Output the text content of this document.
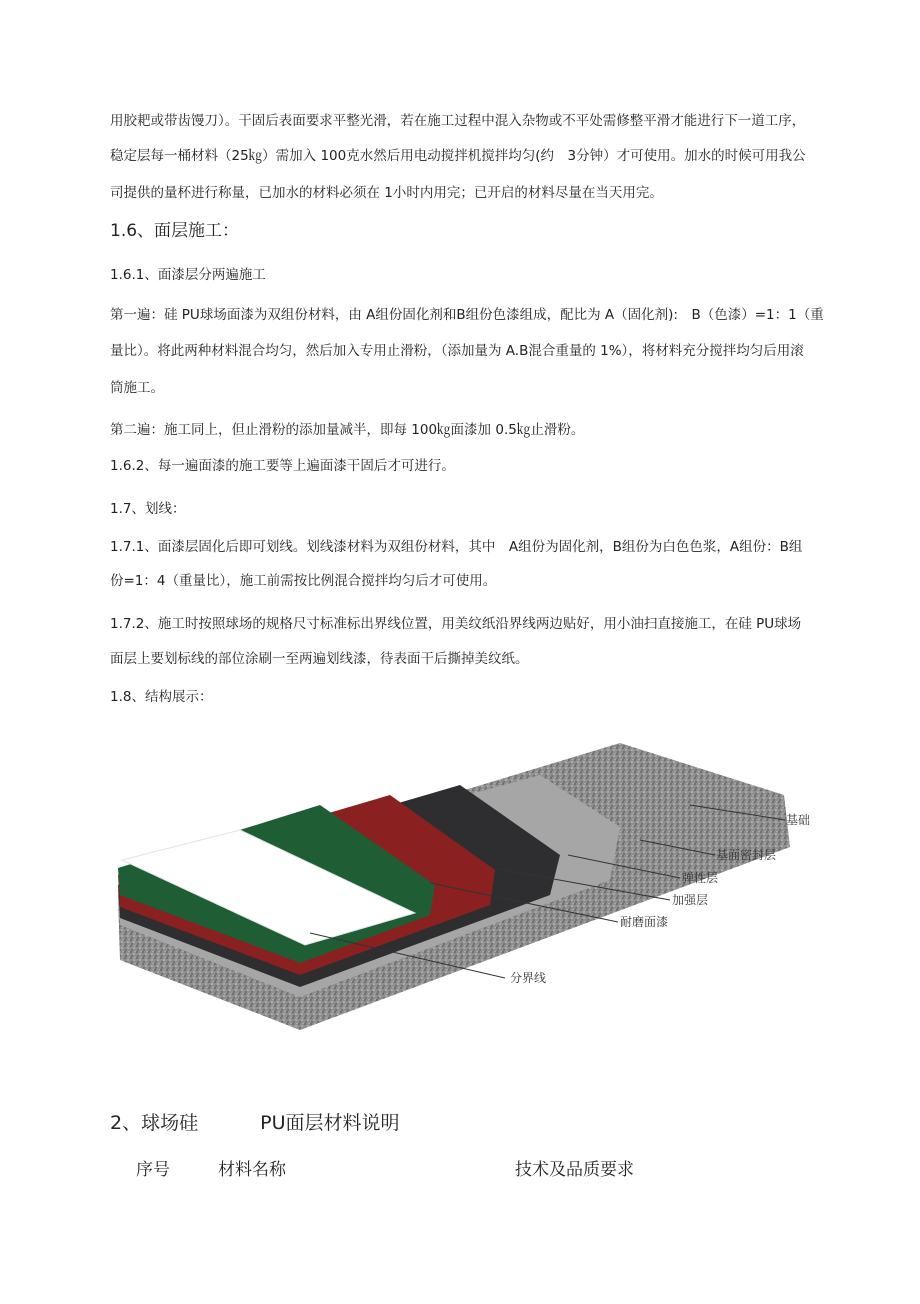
用胶耙或带齿馒刀）。干固后表面要求平整光滑，若在施工过程中混入杂物或不平处需修整平滑才能进行下一道工序，
稳定层每一桶材料（25㎏）需加入 100克水然后用电动搅拌机搅拌均匀(约　3分钟）才可使用。加水的时候可用我公
司提供的量杯进行称量，已加水的材料必须在 1小时内用完；已开启的材料尽量在当天用完。
1.6、面层施工：
1.6.1、面漆层分两遍施工
第一遍：硅 PU球场面漆为双组份材料，由 A组份固化剂和B组份色漆组成，配比为 A（固化剂):　B（色漆）=1：1（重
量比）。将此两种材料混合均匀，然后加入专用止滑粉，（添加量为 A.B混合重量的 1%），将材料充分搅拌均匀后用滚
筒施工。
第二遍：施工同上，但止滑粉的添加量减半，即每 100㎏面漆加 0.5㎏止滑粉。
1.6.2、每一遍面漆的施工要等上遍面漆干固后才可进行。
1.7、划线：
1.7.1、面漆层固化后即可划线。划线漆材料为双组份材料，其中　A组份为固化剂，B组份为白色色浆，A组份：B组
份=1：4（重量比），施工前需按比例混合搅拌均匀后才可使用。
1.7.2、施工时按照球场的规格尺寸标准标出界线位置，用美纹纸沿界线两边贴好，用小油扫直接施工，在硅 PU球场
面层上要划标线的部位涂刷一至两遍划线漆，待表面干后撕掉美纹纸。
1.8、结构展示：
基础
基面密封层
弹性层
加强层
耐磨面漆
分界线
2、球场硅	PU面层材料说明
序号	材料名称	技术及品质要求
